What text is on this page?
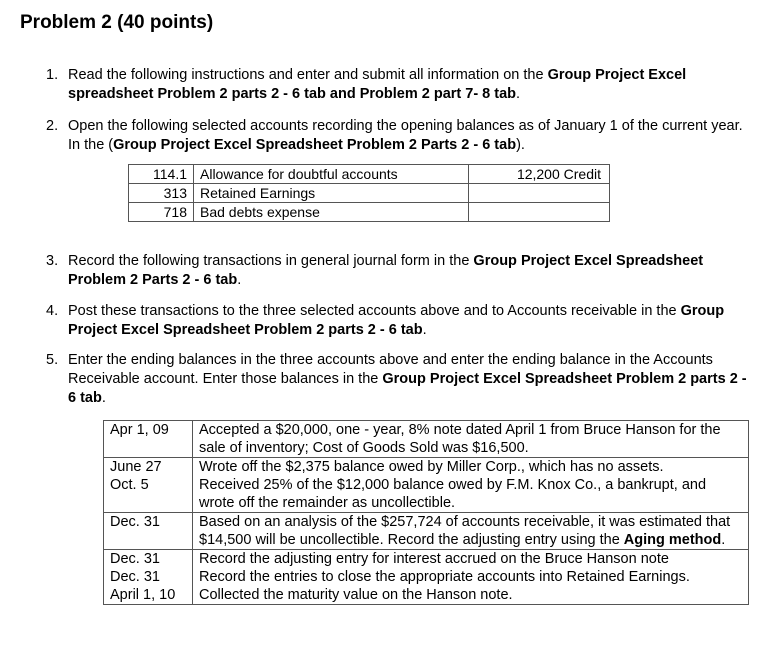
Problem 2 (40 points)
1. Read the following instructions and enter and submit all information on the Group Project Excel spreadsheet Problem 2 parts 2 - 6 tab and Problem 2 part 7- 8 tab.
2. Open the following selected accounts recording the opening balances as of January 1 of the current year. In the (Group Project Excel Spreadsheet Problem 2 Parts 2 - 6 tab).
114.1	Allowance for doubtful accounts	12,200 Credit
313	Retained Earnings	
718	Bad debts expense	
3. Record the following transactions in general journal form in the Group Project Excel Spreadsheet Problem 2 Parts 2 - 6 tab.
4. Post these transactions to the three selected accounts above and to Accounts receivable in the Group Project Excel Spreadsheet Problem 2 parts 2 - 6 tab.
5. Enter the ending balances in the three accounts above and enter the ending balance in the Accounts Receivable account. Enter those balances in the Group Project Excel Spreadsheet Problem 2 parts 2 - 6 tab.
Apr 1, 09	Accepted a $20,000, one - year, 8% note dated April 1 from Bruce Hanson for the sale of inventory; Cost of Goods Sold was $16,500.
June 27	Wrote off the $2,375 balance owed by Miller Corp., which has no assets.
Oct. 5	Received 25% of the $12,000 balance owed by F.M. Knox Co., a bankrupt, and wrote off the remainder as uncollectible.
Dec. 31	Based on an analysis of the $257,724 of accounts receivable, it was estimated that $14,500 will be uncollectible. Record the adjusting entry using the Aging method.
Dec. 31	Record the adjusting entry for interest accrued on the Bruce Hanson note
Dec. 31	Record the entries to close the appropriate accounts into Retained Earnings.
April 1, 10	Collected the maturity value on the Hanson note.
